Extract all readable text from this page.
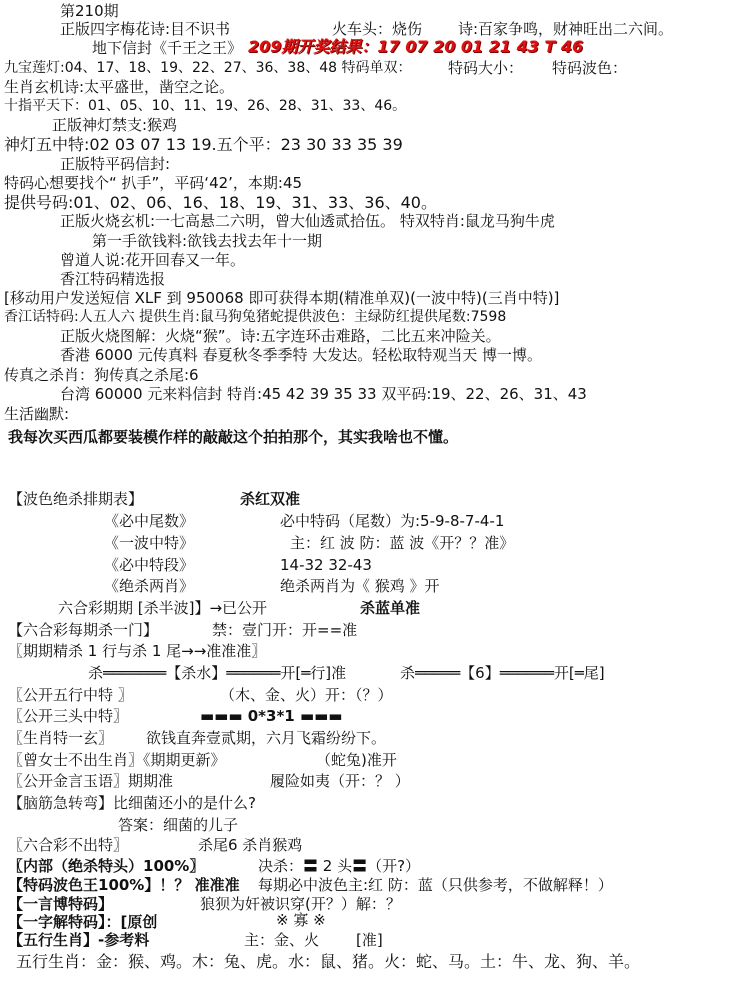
第210期
正版四字梅花诗:目不识书	火车头：烧伤 诗:百家争鸣，财神旺出二六间。
地下信封《千王之王》 209期开奖结果：17 07 20 01 21 43 T 46
九宝莲灯:04、17、18、19、22、27、36、38、48 特码单双： 特码大小： 特码波色：
生肖玄机诗:太平盛世，凿空之论。
十指平天下：01、05、10、11、19、26、28、31、33、46。
正版神灯禁支:猴鸡
神灯五中特:02 03 07 13 19.五个平：23 30 33 35 39
正版特平码信封:
特码心想要找个“ 扒手”，平码‘42’，本期:45
提供号码:01、02、06、16、18、19、31、33、36、40。
正版火烧玄机:一七高悬二六明，曾大仙透贰拾伍。 特双特肖:鼠龙马狗牛虎
第一手欲钱料:欲钱去找去年十一期
曾道人说:花开回春又一年。
香江特码精选报
[移动用户发送短信 XLF 到 950068 即可获得本期(精准单双)(一波中特)(三肖中特)]
香江话特码:人五人六 提供生肖:鼠马狗兔猪蛇提供波色：主绿防红提供尾数:7598
正版火烧图解：火烧“猴”。诗:五字连环击难路，二比五来冲险关。
香港 6000 元传真料 春夏秋冬季季特 大发达。轻松取特观当天 博一博。
传真之杀肖：狗传真之杀尾:6
台湾 60000 元来料信封 特肖:45 42 39 35 33 双平码:19、22、26、31、43
生活幽默:
我每次买西瓜都要装模作样的敲敲这个拍拍那个，其实我啥也不懂。
【波色绝杀排期表】	杀红双准
《必中尾数》	必中特码（尾数）为:5-9-8-7-4-1
《一波中特》	主：红 波 防：蓝 波《开？？准》
《必中特段》	14-32 32-43
《绝杀两肖》	绝杀两肖为《 猴鸡 》开
六合彩期期 [杀半波]】→已公开	杀蓝单准
【六合彩每期杀一门】	禁：壹门开：开==准
〖期期精杀 1 行与杀 1 尾→→准准准〗
杀═══════【杀水】══════开[═行]准	杀═════【6】══════开[═尾]
〖公开五行中特 〗	（木、金、火）开：（？）
〖公开三头中特〗	▬▬▬ 0*3*1 ▬▬▬
〖生肖特一玄〗 欲钱直奔壹贰期，六月飞霜纷纷下。
〖曾女士不出生肖〗《期期更新》	（蛇兔)准开
〖公开金言玉语〗期期准	履险如夷（开：？ ）
【脑筋急转弯】比细菌还小的是什么?
答案：细菌的儿子
〖六合彩不出特〗	杀尾6 杀肖猴鸡
〖内部（绝杀特头）100%〗	决杀：〓 2 头〓（开?）
【特码波色王100%】！？ 准准准 每期必中波色主:红 防：蓝（只供参考，不做解释！）
【一言博特码】	狼狈为奸被识穿(开？）解：？
【一字解特码】：[原创	※ 寡 ※
【五行生肖】-参考料	主：金、火 [准]
五行生肖：金：猴、鸡。木：兔、虎。水：鼠、猪。火：蛇、马。土：牛、龙、狗、羊。
